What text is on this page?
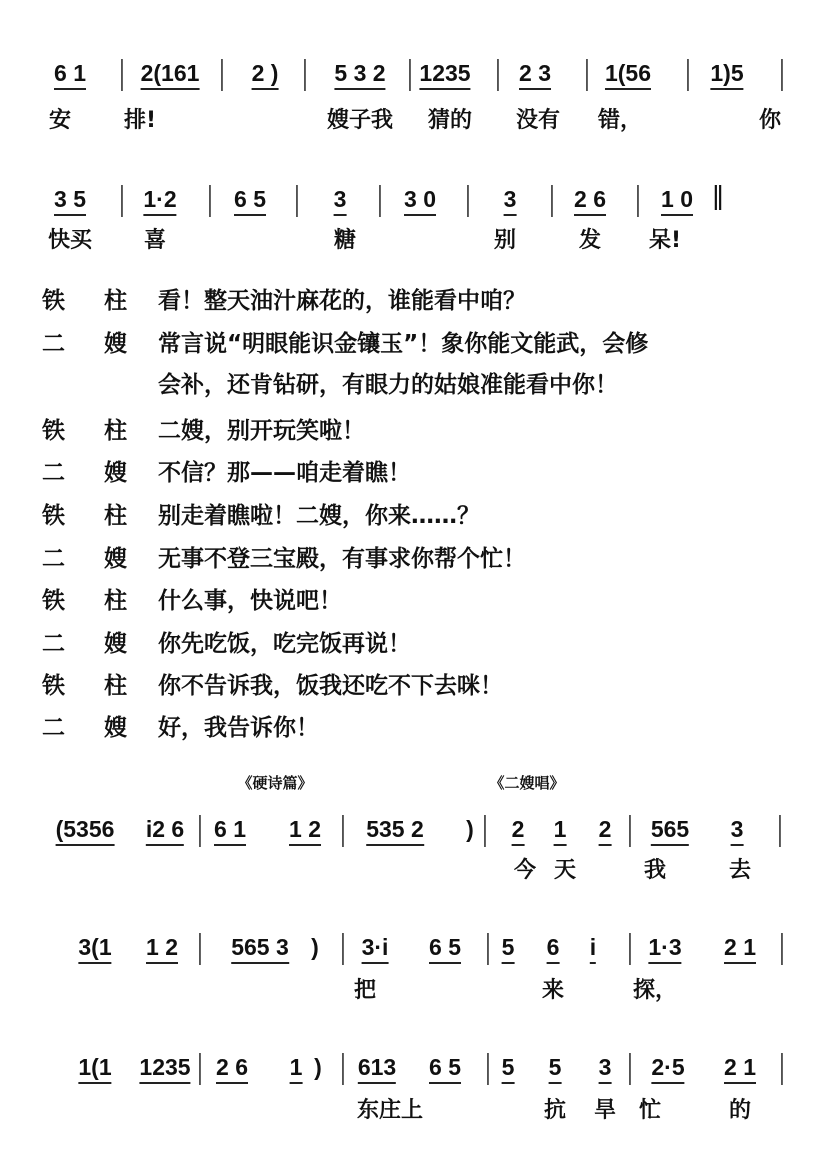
6 1 | 2(161 | 2 ) | 5 3 2 | 1235 | 2 3 | 1(56 | 1)5 |
安 排!	嫂子我 猜的 没有 错，	你
3 5 | 1·2 | 6 5 | 3 | 3 0 | 3 | 2 6 | 1 0 ‖
快买 喜	糖	别	发 呆!
铁 柱 看！整天油汁麻花的，谁能看中咱？
二 嫂 常言说“明眼能识金镶玉”！象你能文能武，会修
会补，还肯钻研，有眼力的姑娘准能看中你！
铁 柱 二嫂，别开玩笑啦！
二 嫂 不信？那——咱走着瞧！
铁 柱 别走着瞧啦！二嫂，你来……？
二 嫂 无事不登三宝殿，有事求你帮个忙！
铁 柱 什么事，快说吧！
二 嫂 你先吃饭，吃完饭再说！
铁 柱 你不告诉我，饭我还吃不下去咪！
二 嫂 好，我告诉你！
《硬诗篇》	《二嫂唱》
(5356 i2 6 | 6 1 1 2 | 535 2 ) | 2 1 2 | 565 3 |
今 天	我	去
3(1 1 2 | 565 3 ) | 3·i 6 5 | 5 6 i | 1·3 2 1 |
把	来	探，
1(1 1235 | 2 6 1 ) | 613 6 5 | 5 5 3 | 2·5 2 1 |
东庄上	抗 旱 忙	的
